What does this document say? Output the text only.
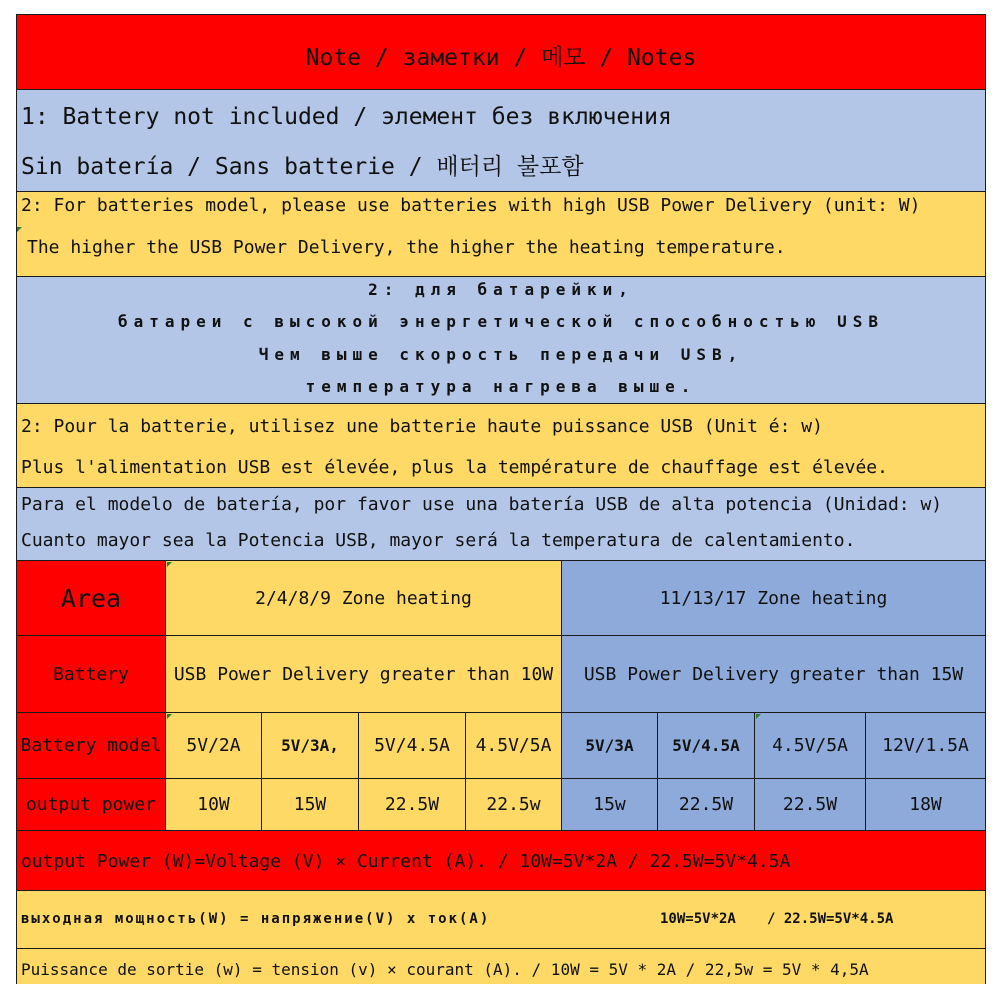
Note / заметки / 메모 / Notes
1: Battery not included / элемент без включения
Sin batería / Sans batterie / 배터리 불포함
2: For batteries model, please use batteries with high USB Power Delivery (unit: W)
The higher the USB Power Delivery, the higher the heating temperature.
2: для батарейки,
батареи с высокой энергетической способностью USB
Чем выше скорость передачи USB,
температура нагрева выше.
2: Pour la batterie, utilisez une batterie haute puissance USB (Unit é: w)
Plus l'alimentation USB est élevée, plus la température de chauffage est élevée.
Para el modelo de batería, por favor use una batería USB de alta potencia (Unidad: w)
Cuanto mayor sea la Potencia USB, mayor será la temperatura de calentamiento.
Area	2/4/8/9 Zone heating	11/13/17 Zone heating
Battery	USB Power Delivery greater than 10W	USB Power Delivery greater than 15W
Battery model	5V/2A	5V/3A,	5V/4.5A	4.5V/5A	5V/3A	5V/4.5A	4.5V/5A	12V/1.5A
output power	10W	15W	22.5W	22.5w	15w	22.5W	22.5W	18W
output Power (W)=Voltage (V) × Current (A). / 10W=5V*2A / 22.5W=5V*4.5A
выходная мощность(W) = напряжение(V) x ток(A)	10W=5V*2A / 22.5W=5V*4.5A
Puissance de sortie (w) = tension (v) × courant (A). / 10W = 5V * 2A / 22,5w = 5V * 4,5A
